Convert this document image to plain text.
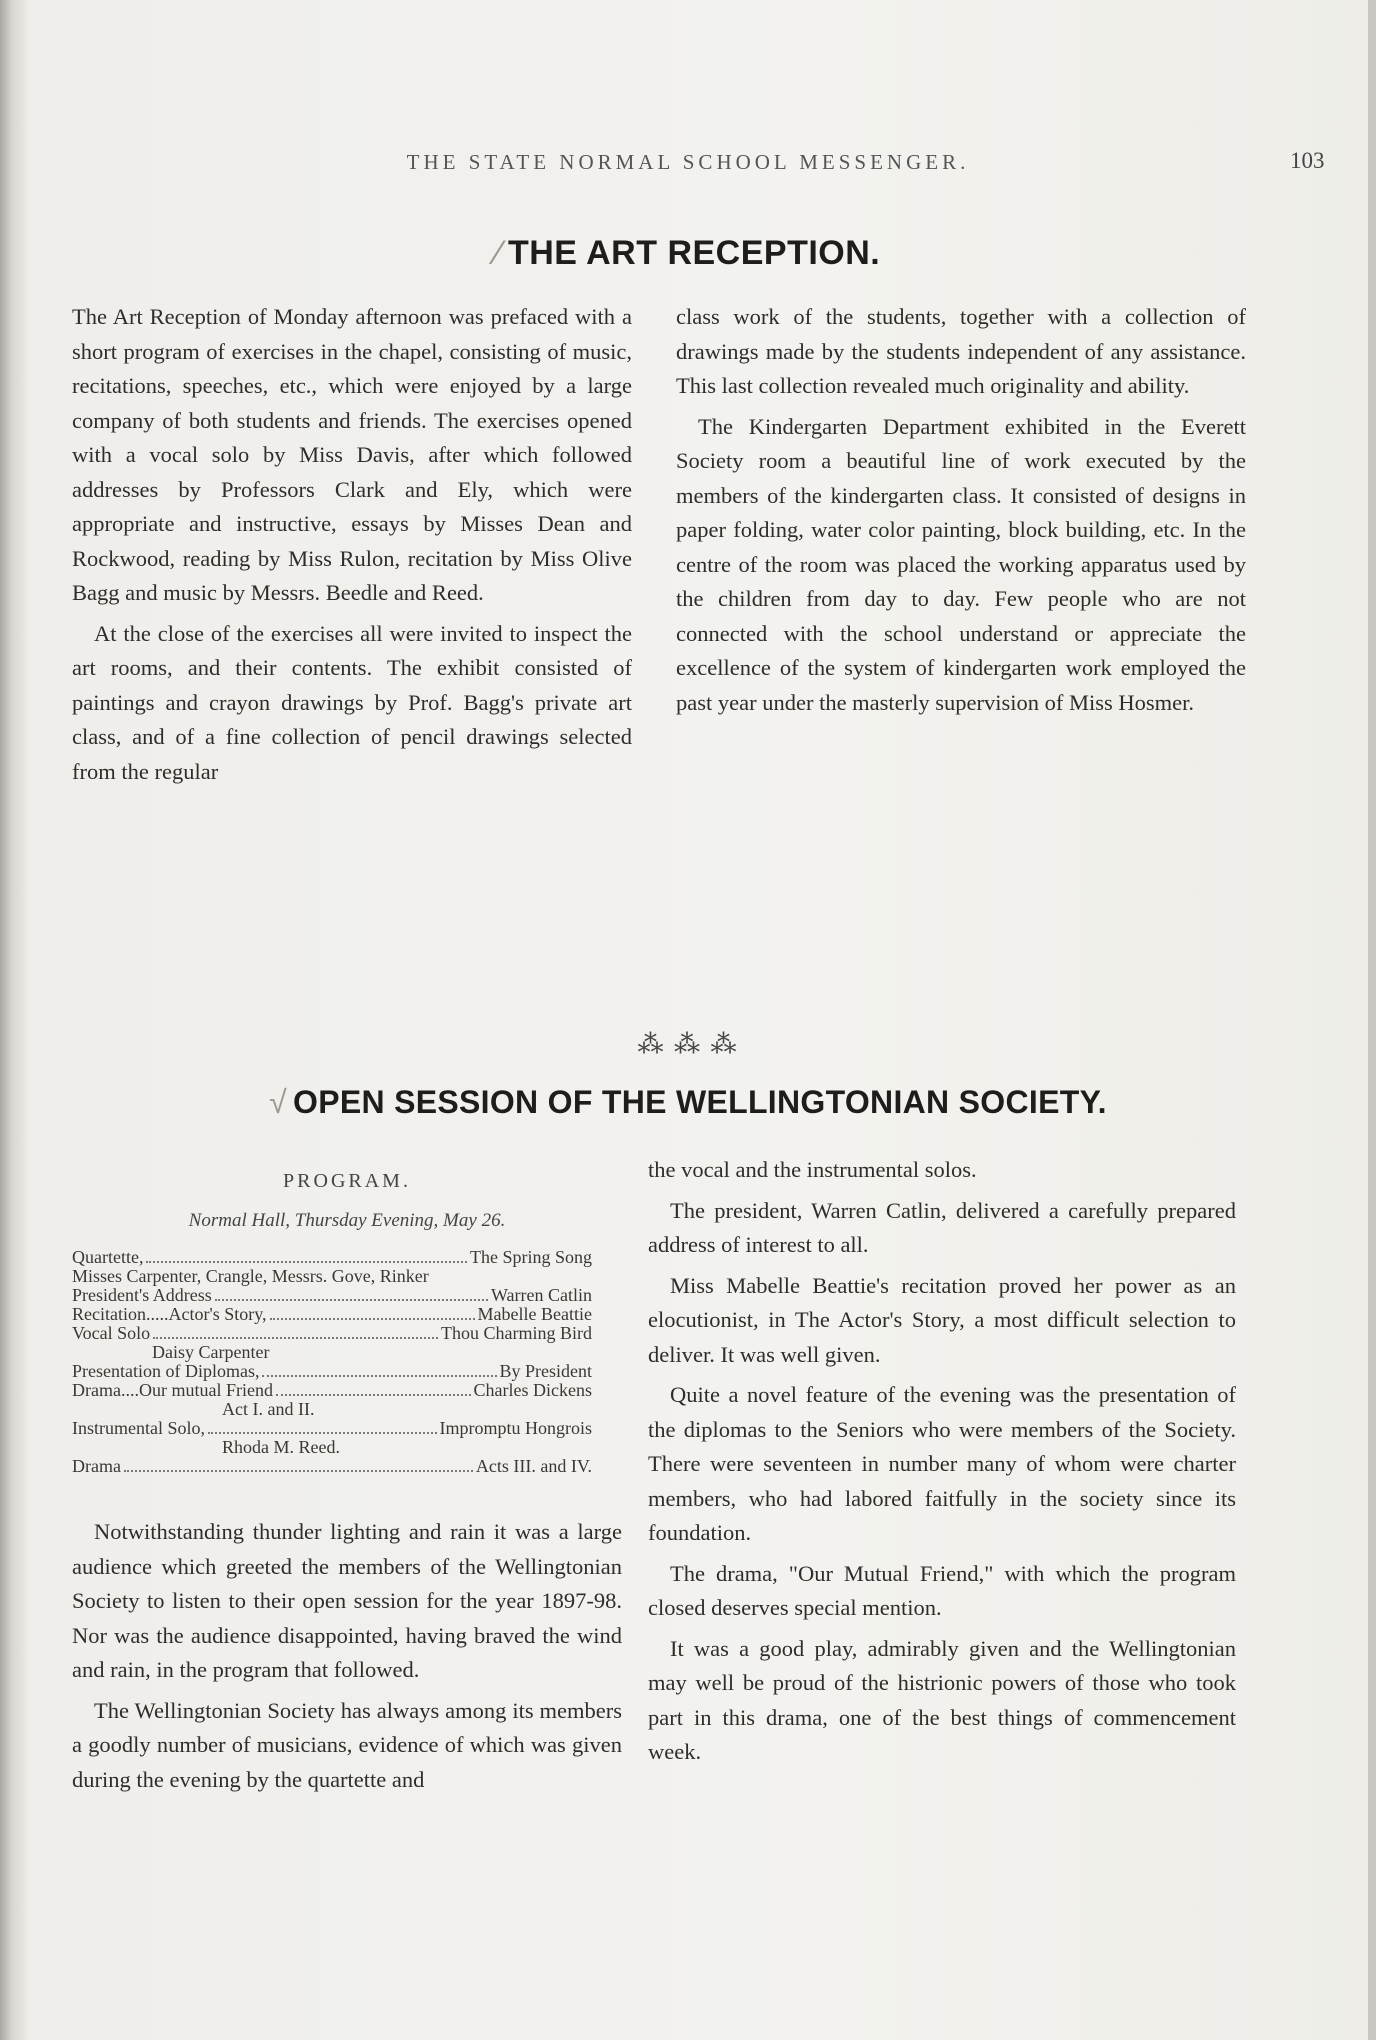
THE STATE NORMAL SCHOOL MESSENGER.	103
⁄ THE ART RECEPTION.

The Art Reception of Monday afternoon was prefaced with a short program of exercises in the chapel, consisting of music, recitations, speeches, etc., which were enjoyed by a large company of both students and friends. The exercises opened with a vocal solo by Miss Davis, after which followed addresses by Professors Clark and Ely, which were appropriate and instructive, essays by Misses Dean and Rockwood, reading by Miss Rulon, recitation by Miss Olive Bagg and music by Messrs. Beedle and Reed.

At the close of the exercises all were invited to inspect the art rooms, and their contents. The exhibit consisted of paintings and crayon drawings by Prof. Bagg's private art class, and of a fine collection of pencil drawings selected from the regular

class work of the students, together with a collection of drawings made by the students independent of any assistance. This last collection revealed much originality and ability.

The Kindergarten Department exhibited in the Everett Society room a beautiful line of work executed by the members of the kindergarten class. It consisted of designs in paper folding, water color painting, block building, etc. In the centre of the room was placed the working apparatus used by the children from day to day. Few people who are not connected with the school understand or appreciate the excellence of the system of kindergarten work employed the past year under the masterly supervision of Miss Hosmer.

⁂ ⁂ ⁂
√ OPEN SESSION OF THE WELLINGTONIAN SOCIETY.
PROGRAM.
Normal Hall, Thursday Evening, May 26.
Quartette,	The Spring Song
Misses Carpenter, Crangle, Messrs. Gove, Rinker
President's Address	Warren Catlin
Recitation.....Actor's Story,	Mabelle Beattie
Vocal Solo	Thou Charming Bird
Daisy Carpenter
Presentation of Diplomas,	By President
Drama....Our mutual Friend	Charles Dickens
Act I. and II.
Instrumental Solo,	Impromptu Hongrois
Rhoda M. Reed.
Drama	Acts III. and IV.

Notwithstanding thunder lighting and rain it was a large audience which greeted the members of the Wellingtonian Society to listen to their open session for the year 1897-98. Nor was the audience disappointed, having braved the wind and rain, in the program that followed.

The Wellingtonian Society has always among its members a goodly number of musicians, evidence of which was given during the evening by the quartette and

the vocal and the instrumental solos.

The president, Warren Catlin, delivered a carefully prepared address of interest to all.

Miss Mabelle Beattie's recitation proved her power as an elocutionist, in The Actor's Story, a most difficult selection to deliver. It was well given.

Quite a novel feature of the evening was the presentation of the diplomas to the Seniors who were members of the Society. There were seventeen in number many of whom were charter members, who had labored faitfully in the society since its foundation.

The drama, "Our Mutual Friend," with which the program closed deserves special mention.

It was a good play, admirably given and the Wellingtonian may well be proud of the histrionic powers of those who took part in this drama, one of the best things of commencement week.
